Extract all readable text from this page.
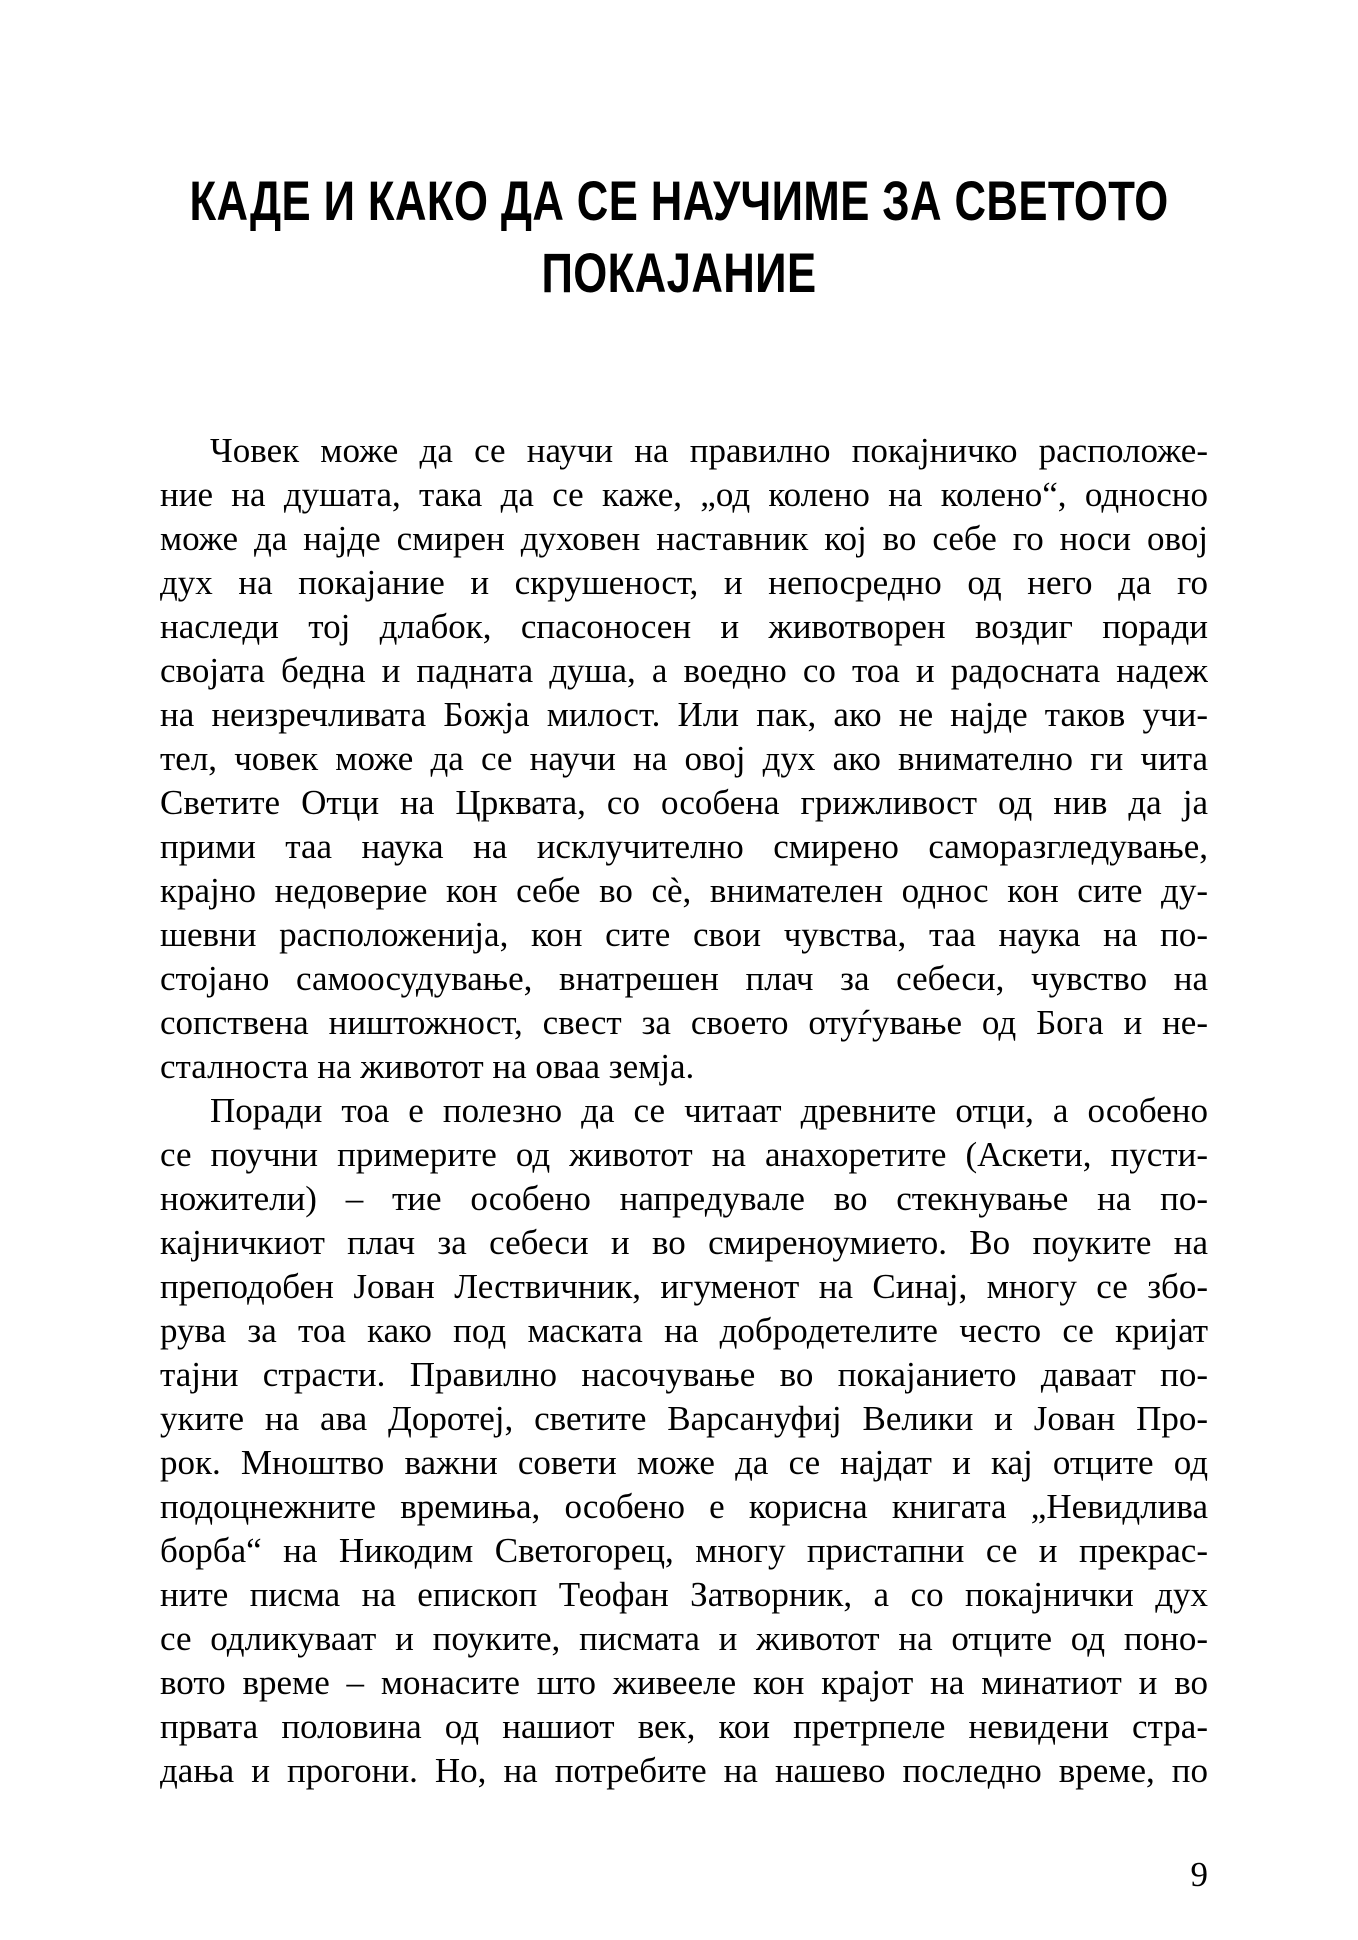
КАДЕ И КАКО ДА СЕ НАУЧИМЕ ЗА СВЕТОТО
ПОКАЈАНИЕ
Човек може да се научи на правилно покајничко расположе-
ние на душата, така да се каже, „од колено на колено“, односно
може да најде смирен духовен наставник кој во себе го носи овој
дух на покајание и скрушеност, и непосредно од него да го
наследи тој длабок, спасоносен и животворен воздиг поради
својата бедна и падната душа, а воедно со тоа и радосната надеж
на неизречливата Божја милост. Или пак, ако не најде таков учи-
тел, човек може да се научи на овој дух ако внимателно ги чита
Светите Отци на Црквата, со особена грижливост од нив да ја
прими таа наука на исклучително смирено саморазгледување,
крајно недоверие кон себе во сѐ, внимателен однос кон сите ду-
шевни расположенија, кон сите свои чувства, таа наука на по-
стојано самоосудување, внатрешен плач за себеси, чувство на
сопствена ништожност, свест за своето отуѓување од Бога и не-
сталноста на животот на оваа земја.
Поради тоа е полезно да се читаат древните отци, а особено
се поучни примерите од животот на анахоретите (Аскети, пусти-
ножители) – тие особено напредувале во стекнување на по-
кајничкиот плач за себеси и во смиреноумието. Во поуките на
преподобен Јован Лествичник, игуменот на Синај, многу се збо-
рува за тоа како под маската на добродетелите често се кријат
тајни страсти. Правилно насочување во покајанието даваат по-
уките на ава Доротеј, светите Варсануфиј Велики и Јован Про-
рок. Мноштво важни совети може да се најдат и кај отците од
подоцнежните времиња, особено е корисна книгата „Невидлива
борба“ на Никодим Светогорец, многу пристапни се и прекрас-
ните писма на епископ Теофан Затворник, а со покајнички дух
се одликуваат и поуките, писмата и животот на отците од поно-
вото време – монасите што живееле кон крајот на минатиот и во
првата половина од нашиот век, кои претрпеле невидени стра-
дања и прогони. Но, на потребите на нашево последно време, по
9
